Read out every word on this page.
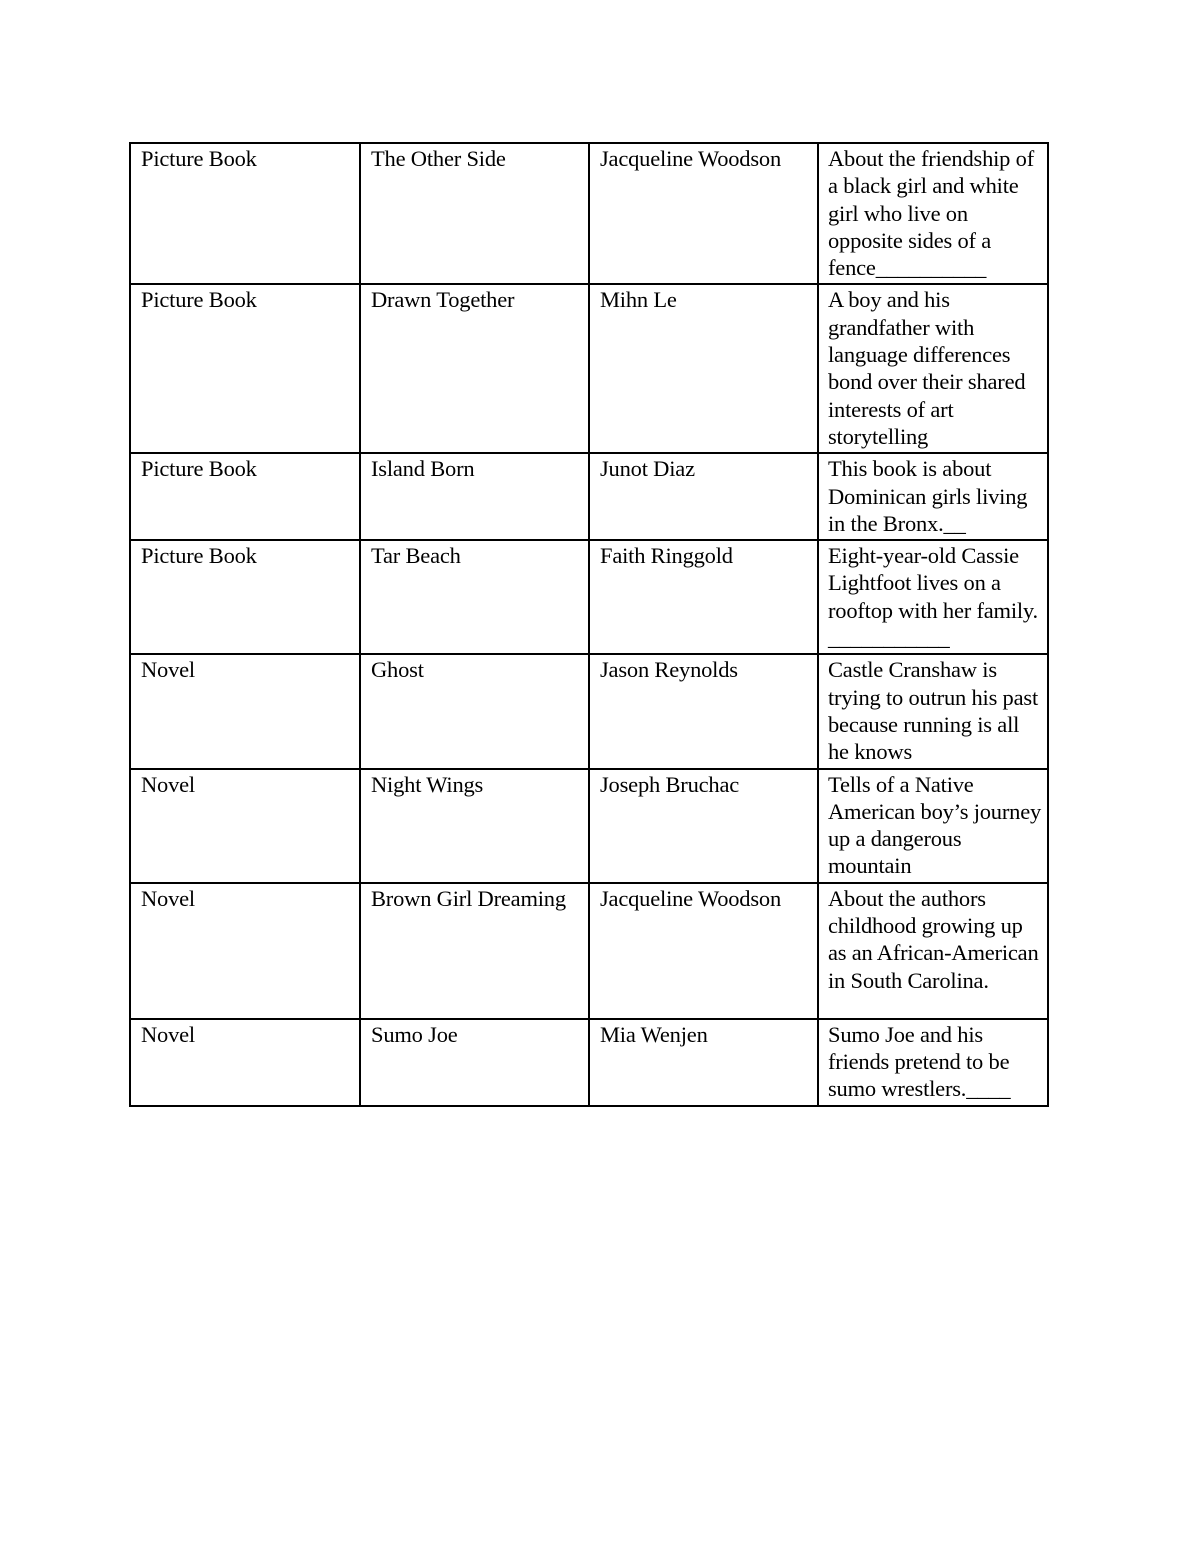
Picture Book	The Other Side	Jacqueline Woodson	About the friendship of a black girl and white girl who live on opposite sides of a fence__________
Picture Book	Drawn Together	Mihn Le	A boy and his grandfather with language differences bond over their shared interests of art storytelling
Picture Book	Island Born	Junot Diaz	This book is about Dominican girls living in the Bronx.__
Picture Book	Tar Beach	Faith Ringgold	Eight-year-old Cassie Lightfoot lives on a rooftop with her family. ___________
Novel	Ghost	Jason Reynolds	Castle Cranshaw is trying to outrun his past because running is all he knows
Novel	Night Wings	Joseph Bruchac	Tells of a Native American boy’s journey up a dangerous mountain
Novel	Brown Girl Dreaming	Jacqueline Woodson	About the authors childhood growing up as an African-American in South Carolina.
Novel	Sumo Joe	Mia Wenjen	Sumo Joe and his friends pretend to be sumo wrestlers.____
